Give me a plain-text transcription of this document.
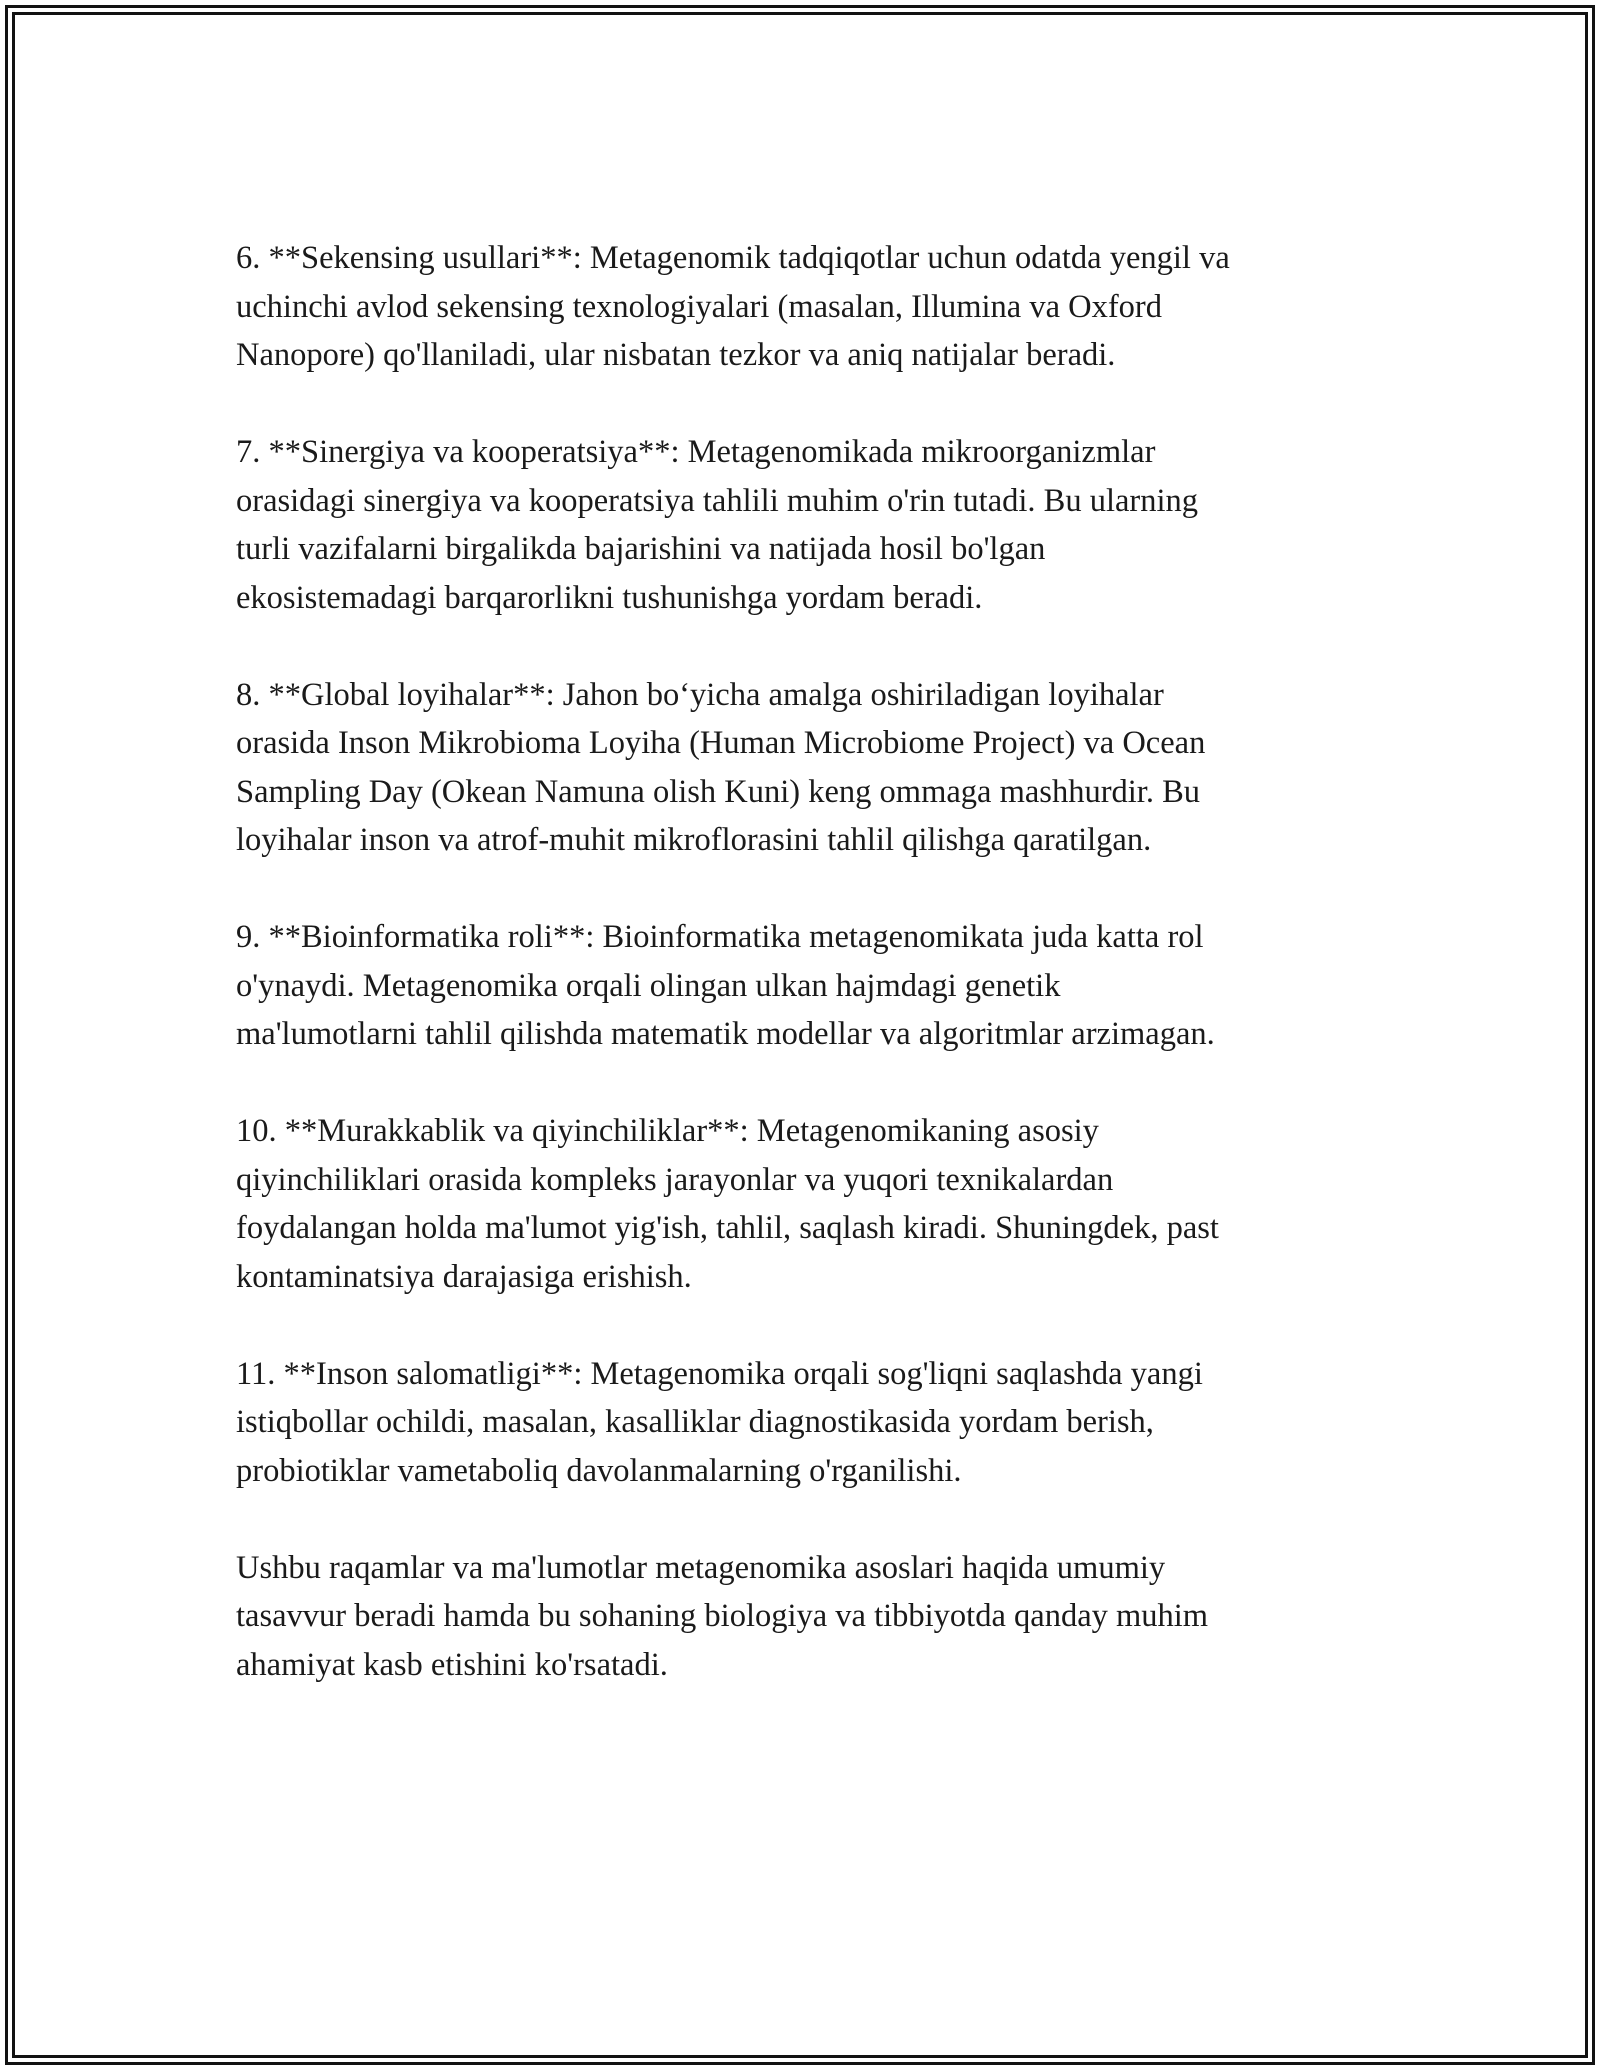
6. **Sekensing usullari**: Metagenomik tadqiqotlar uchun odatda yengil va
uchinchi avlod sekensing texnologiyalari (masalan, Illumina va Oxford
Nanopore) qo'llaniladi, ular nisbatan tezkor va aniq natijalar beradi.

7. **Sinergiya va kooperatsiya**: Metagenomikada mikroorganizmlar
orasidagi sinergiya va kooperatsiya tahlili muhim o'rin tutadi. Bu ularning
turli vazifalarni birgalikda bajarishini va natijada hosil bo'lgan
ekosistemadagi barqarorlikni tushunishga yordam beradi.

8. **Global loyihalar**: Jahon bo‘yicha amalga oshiriladigan loyihalar
orasida Inson Mikrobioma Loyiha (Human Microbiome Project) va Ocean
Sampling Day (Okean Namuna olish Kuni) keng ommaga mashhurdir. Bu
loyihalar inson va atrof-muhit mikroflorasini tahlil qilishga qaratilgan.

9. **Bioinformatika roli**: Bioinformatika metagenomikata juda katta rol
o'ynaydi. Metagenomika orqali olingan ulkan hajmdagi genetik
ma'lumotlarni tahlil qilishda matematik modellar va algoritmlar arzimagan.

10. **Murakkablik va qiyinchiliklar**: Metagenomikaning asosiy
qiyinchiliklari orasida kompleks jarayonlar va yuqori texnikalardan
foydalangan holda ma'lumot yig'ish, tahlil, saqlash kiradi. Shuningdek, past
kontaminatsiya darajasiga erishish.

11. **Inson salomatligi**: Metagenomika orqali sog'liqni saqlashda yangi
istiqbollar ochildi, masalan, kasalliklar diagnostikasida yordam berish,
probiotiklar vametaboliq davolanmalarning o'rganilishi.

Ushbu raqamlar va ma'lumotlar metagenomika asoslari haqida umumiy
tasavvur beradi hamda bu sohaning biologiya va tibbiyotda qanday muhim
ahamiyat kasb etishini ko'rsatadi.
